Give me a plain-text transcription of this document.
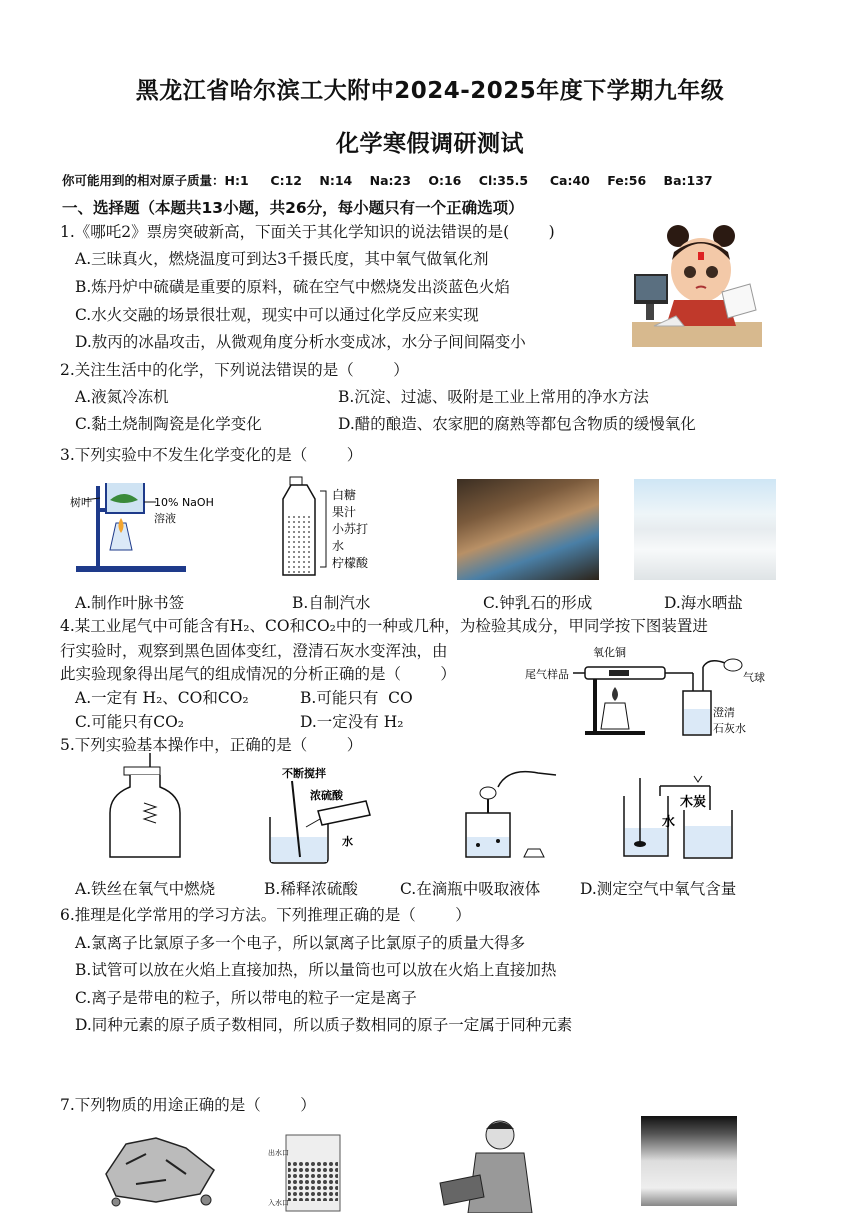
黑龙江省哈尔滨工大附中2024-2025年度下学期九年级
化学寒假调研测试
你可能用到的相对原子质量：H:1     C:12    N:14    Na:23    O:16    Cl:35.5     Ca:40    Fe:56    Ba:137
一、选择题（本题共13小题，共26分，每小题只有一个正确选项）
1.《哪吒2》票房突破新高，下面关于其化学知识的说法错误的是(        )
A.三昧真火，燃烧温度可到达3千摄氏度，其中氧气做氧化剂
B.炼丹炉中硫磺是重要的原料，硫在空气中燃烧发出淡蓝色火焰
C.水火交融的场景很壮观，现实中可以通过化学反应来实现
D.敖丙的冰晶攻击，从微观角度分析水变成冰，水分子间间隔变小
2.关注生活中的化学，下列说法错误的是（        ）
A.液氮冷冻机	B.沉淀、过滤、吸附是工业上常用的净水方法
C.黏土烧制陶瓷是化学变化	D.醋的酿造、农家肥的腐熟等都包含物质的缓慢氧化
3.下列实验中不发生化学变化的是（        ）
树叶	10% NaOH
溶液
白糖
果汁
小苏打
水
柠檬酸
A.制作叶脉书签	B.自制汽水	C.钟乳石的形成	D.海水晒盐
4.某工业尾气中可能含有H₂、CO和CO₂中的一种或几种，为检验其成分，甲同学按下图装置进
行实验时，观察到黑色固体变红，澄清石灰水变浑浊，由
此实验现象得出尾气的组成情况的分析正确的是（        ）
A.一定有 H₂、CO和CO₂	B.可能只有  CO
C.可能只有CO₂	D.一定没有 H₂
氧化铜
尾气样品	气球
澄清
石灰水
5.下列实验基本操作中，正确的是（        ）
不断搅拌
浓硫酸
水
木炭
水
A.铁丝在氧气中燃烧	B.稀释浓硫酸	C.在滴瓶中吸取液体	D.测定空气中氧气含量
6.推理是化学常用的学习方法。下列推理正确的是（        ）
A.氯离子比氯原子多一个电子，所以氯离子比氯原子的质量大得多
B.试管可以放在火焰上直接加热，所以量筒也可以放在火焰上直接加热
C.离子是带电的粒子，所以带电的粒子一定是离子
D.同种元素的原子质子数相同，所以质子数相同的原子一定属于同种元素
7.下列物质的用途正确的是（        ）
出水口
入水口
